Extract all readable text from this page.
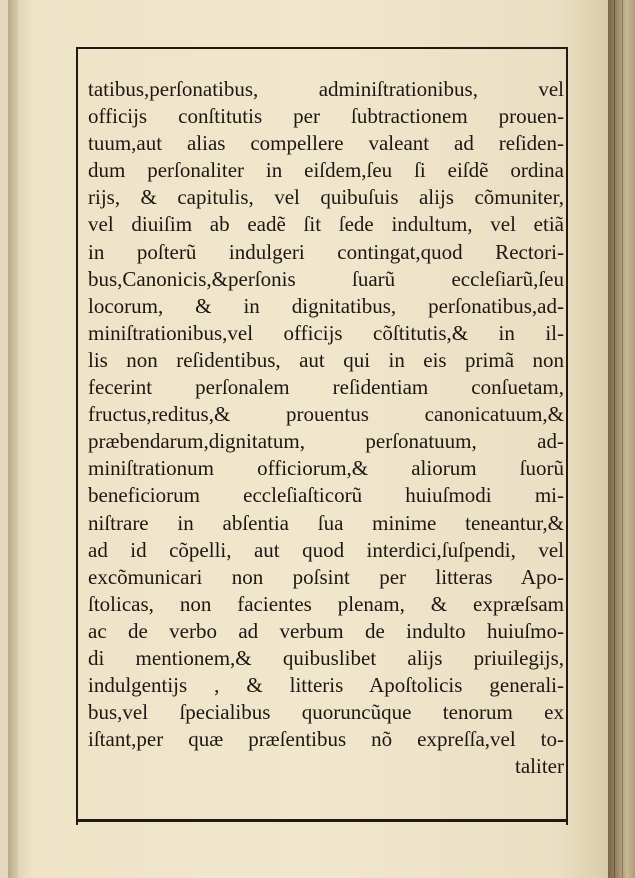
tatibus,perſonatibus, adminiſtrationibus, vel
officijs conſtitutis per ſubtractionem prouen-
tuum,aut alias compellere valeant ad reſiden-
dum perſonaliter in eiſdem,ſeu ſi eiſdẽ ordina
rijs, & capitulis, vel quibuſuis alijs cõmuniter,
vel diuiſim ab eadẽ ſit ſede indultum, vel etiã
in poſterũ indulgeri contingat,quod Rectori-
bus,Canonicis,&perſonis ſuarũ eccleſiarũ,ſeu
locorum, & in dignitatibus, perſonatibus,ad-
miniſtrationibus,vel officijs cõſtitutis,& in il-
lis non reſidentibus, aut qui in eis primã non
fecerint perſonalem reſidentiam conſuetam,
fructus,reditus,& prouentus canonicatuum,&
præbendarum,dignitatum, perſonatuum, ad-
miniſtrationum officiorum,& aliorum ſuorũ
beneficiorum eccleſiaſticorũ huiuſmodi mi-
niſtrare in abſentia ſua minime teneantur,&
ad id cõpelli, aut quod interdici,ſuſpendi, vel
excõmunicari non poſsint per litteras Apo-
ſtolicas, non facientes plenam, & expræſsam
ac de verbo ad verbum de indulto huiuſmo-
di mentionem,& quibuslibet alijs priuilegijs,
indulgentijs , & litteris Apoſtolicis generali-
bus,vel ſpecialibus quoruncũque tenorum ex
iſtant,per quæ præſentibus nõ expreſſa,vel to-
taliter
